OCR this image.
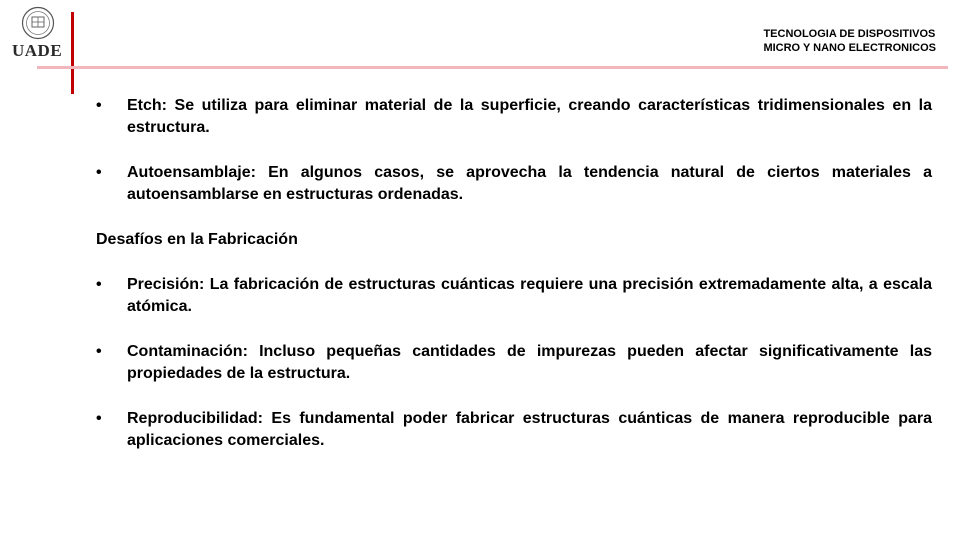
UADE
TECNOLOGIA DE DISPOSITIVOS
MICRO Y NANO ELECTRONICOS

• Etch: Se utiliza para eliminar material de la superficie, creando características tridimensionales en la estructura.

• Autoensamblaje: En algunos casos, se aprovecha la tendencia natural de ciertos materiales a autoensamblarse en estructuras ordenadas.

Desafíos en la Fabricación

• Precisión: La fabricación de estructuras cuánticas requiere una precisión extremadamente alta, a escala atómica.

• Contaminación: Incluso pequeñas cantidades de impurezas pueden afectar significativamente las propiedades de la estructura.

• Reproducibilidad: Es fundamental poder fabricar estructuras cuánticas de manera reproducible para aplicaciones comerciales.
